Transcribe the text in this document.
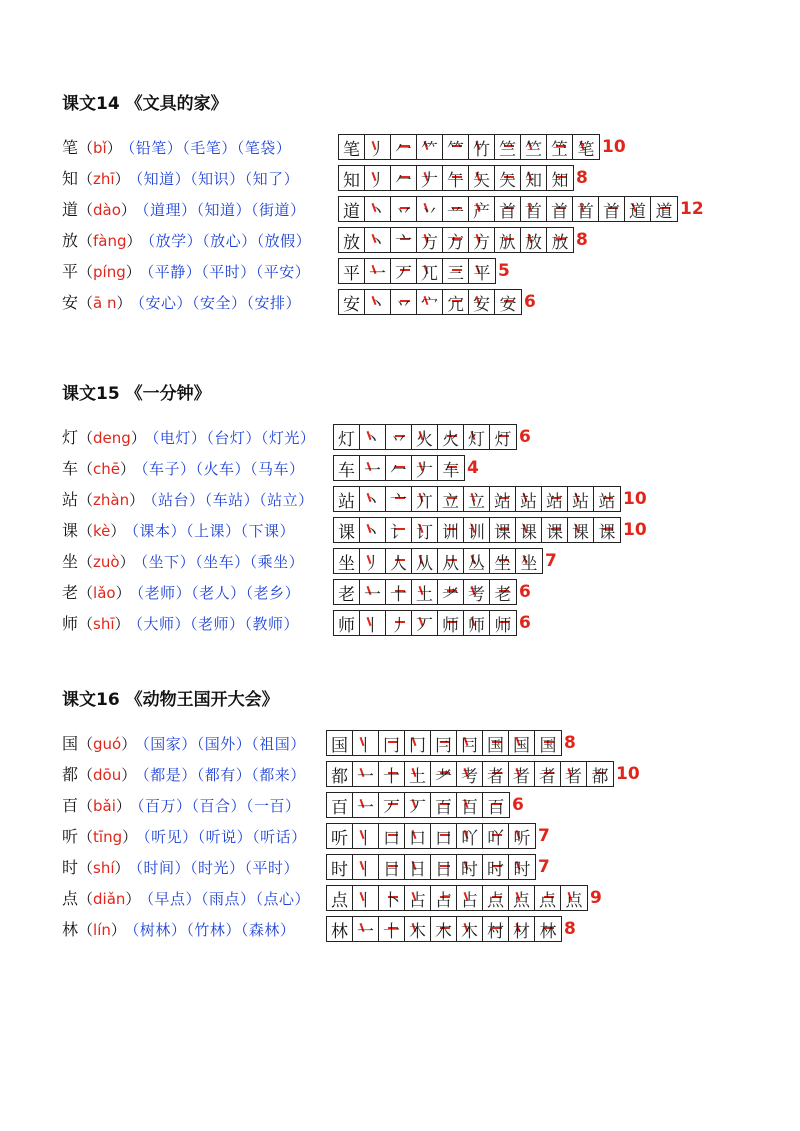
课文14 《文具的家》
笔（bǐ） （铅笔）（毛笔）（笔袋）	笔 丿 𠂉 ⺮ 𥫗 竹 竺 竺 笁 笔 10
知（zhī） （知道）（知识）（知了）	知 丿 𠂉 𠂇 午 矢 矢 知 知 8
道（dào） （道理）（知道）（街道） 道 丶 丷 丷 䒑 产 首 首 首 首 首 道 道 12
放（fàng） （放学）（放心）（放假） 放 丶 亠 方 方 方 㫃 放 放 8
平（píng） （平静）（平时）（平安） 平 一 丆 兀 三 平 5
安（ā n） （安心）（安全）（安排） 安 丶 丷 宀 宂 安 安 6
课文15 《一分钟》
灯（deng） （电灯）（台灯）（灯光） 灯 丶 丷 火 火 灯 灯 6
车（chē） （车子）（火车）（马车） 车 一 𠂉 𠂇 车 4
站（zhàn） （站台）（车站）（站立） 站 丶 亠 亣 立 立 站 站 站 站 站 10
课（kè） （课本）（上课）（下课）	课 丶 讠 订 训 训 课 课 课 课 课 10
坐（zuò） （坐下）（坐车）（乘坐） 坐 丿 人 从 从 丛 坐 坐 7
老（lǎo） （老师）（老人）（老乡） 老 一 十 土 耂 考 老 6
师（shī） （大师）（老师）（教师） 师 丨 丿 丆 师 师 师 6
课文16 《动物王国开大会》
国（guó） （国家）（国外）（祖国） 国 丨 冂 冂 冃 冃 国 国 国 8
都（dōu） （都是）（都有）（都来） 都 一 十 土 耂 考 者 者 者 者 都 10
百（bǎi） （百万）（百合）（一百） 百 一 丆 丆 百 百 百 6
听（tīng） （听见）（听说）（听话） 听 丨 口 口 口 吖 吖 听 7
时（shí） （时间）（时光）（平时） 时 丨 日 日 日 时 时 时 7
点（diǎn） （早点）（雨点）（点心） 点 丨 卜 占 占 占 点 点 点 点 9
林（lín） （树林）（竹林）（森林） 林 一 十 木 木 木 村 材 林 8
